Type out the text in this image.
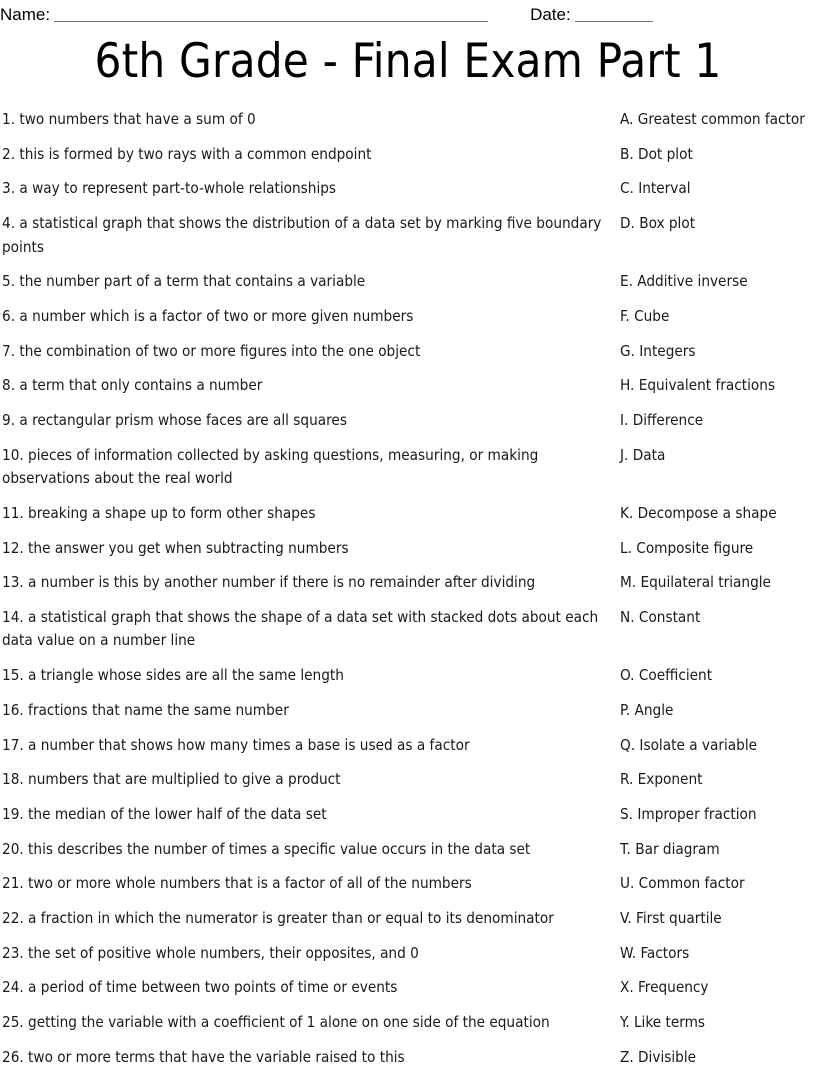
Name:	Date:
6th Grade - Final Exam Part 1
1. two numbers that have a sum of 0	A. Greatest common factor
2. this is formed by two rays with a common endpoint	B. Dot plot
3. a way to represent part-to-whole relationships	C. Interval
4. a statistical graph that shows the distribution of a data set by marking five boundary points
D. Box plot
5. the number part of a term that contains a variable	E. Additive inverse
6. a number which is a factor of two or more given numbers	F. Cube
7. the combination of two or more figures into the one object	G. Integers
8. a term that only contains a number	H. Equivalent fractions
9. a rectangular prism whose faces are all squares	I. Difference
10. pieces of information collected by asking questions, measuring, or making observations about the real world
J. Data
11. breaking a shape up to form other shapes	K. Decompose a shape
12. the answer you get when subtracting numbers	L. Composite figure
13. a number is this by another number if there is no remainder after dividing	M. Equilateral triangle
14. a statistical graph that shows the shape of a data set with stacked dots about each data value on a number line
N. Constant
15. a triangle whose sides are all the same length	O. Coefficient
16. fractions that name the same number	P. Angle
17. a number that shows how many times a base is used as a factor	Q. Isolate a variable
18. numbers that are multiplied to give a product	R. Exponent
19. the median of the lower half of the data set	S. Improper fraction
20. this describes the number of times a specific value occurs in the data set	T. Bar diagram
21. two or more whole numbers that is a factor of all of the numbers	U. Common factor
22. a fraction in which the numerator is greater than or equal to its denominator	V. First quartile
23. the set of positive whole numbers, their opposites, and 0	W. Factors
24. a period of time between two points of time or events	X. Frequency
25. getting the variable with a coefficient of 1 alone on one side of the equation	Y. Like terms
26. two or more terms that have the variable raised to this	Z. Divisible
